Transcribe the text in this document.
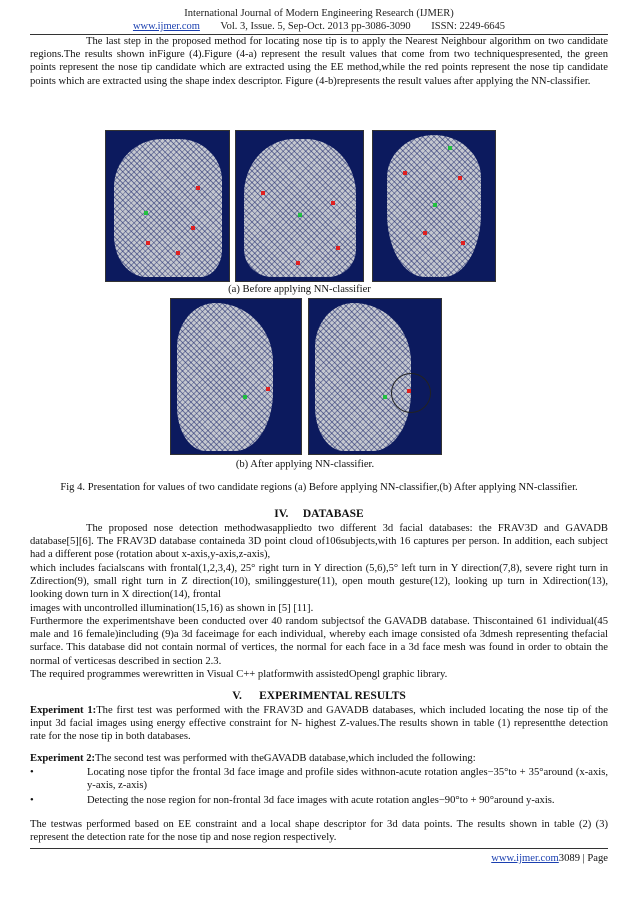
International Journal of Modern Engineering Research (IJMER)
www.ijmer.com Vol. 3, Issue. 5, Sep-Oct. 2013 pp-3086-3090 ISSN: 2249-6645
The last step in the proposed method for locating nose tip is to apply the Nearest Neighbour algorithm on two candidate regions.The results shown inFigure (4).Figure (4-a) represent the result values that come from two techniquespresented, the green points represent the nose tip candidate which are extracted using the EE method,while the red points represent the nose tip candidate points which are extracted using the shape index descriptor. Figure (4-b)represents the result values after applying the NN-classifier.
(a) Before applying NN-classifier
(b) After applying NN-classifier.
Fig 4. Presentation for values of two candidate regions (a) Before applying NN-classifier,(b) After applying NN-classifier.
IV. DATABASE
The proposed nose detection methodwasappliedto two different 3d facial databases: the FRAV3D and GAVADB database[5][6]. The FRAV3D database containeda 3D point cloud of106subjects,with 16 captures per person. In addition, each subject had a different pose (rotation about x-axis,y-axis,z-axis),
which includes facialscans with frontal(1,2,3,4), 25° right turn in Y direction (5,6),5° left turn in Y direction(7,8), severe right turn in Zdirection(9), small right turn in Z direction(10), smilinggesture(11), open mouth gesture(12), looking up turn in Xdirection(13), looking down turn in X direction(14), frontal
images with uncontrolled illumination(15,16) as shown in [5] [11].
Furthermore the experimentshave been conducted over 40 random subjectsof the GAVADB database. Thiscontained 61 individual(45 male and 16 female)including (9)a 3d faceimage for each individual, whereby each image consisted ofa 3dmesh representing thefacial surface. This database did not contain normal of vertices, the normal for each face in a 3d face mesh was found in order to obtain the normal of verticesas described in section 2.3.
The required programmes werewritten in Visual C++ platformwith assistedOpengl graphic library.
V. EXPERIMENTAL RESULTS
Experiment 1:The first test was performed with the FRAV3D and GAVADB databases, which included locating the nose tip of the input 3d facial images using energy effective constraint for N- highest Z-values.The results shown in table (1) representthe detection rate for the nose tip in both databases.
Experiment 2:The second test was performed with theGAVADB database,which included the following:
•	Locating nose tipfor the frontal 3d face image and profile sides withnon-acute rotation angles−35°to + 35°around (x-axis, y-axis, z-axis)
•	Detecting the nose region for non-frontal 3d face images with acute rotation angles−90°to + 90°around y-axis.
The testwas performed based on EE constraint and a local shape descriptor for 3d data points. The results shown in table (2) (3) represent the detection rate for the nose tip and nose region respectively.
www.ijmer.com3089 | Page
